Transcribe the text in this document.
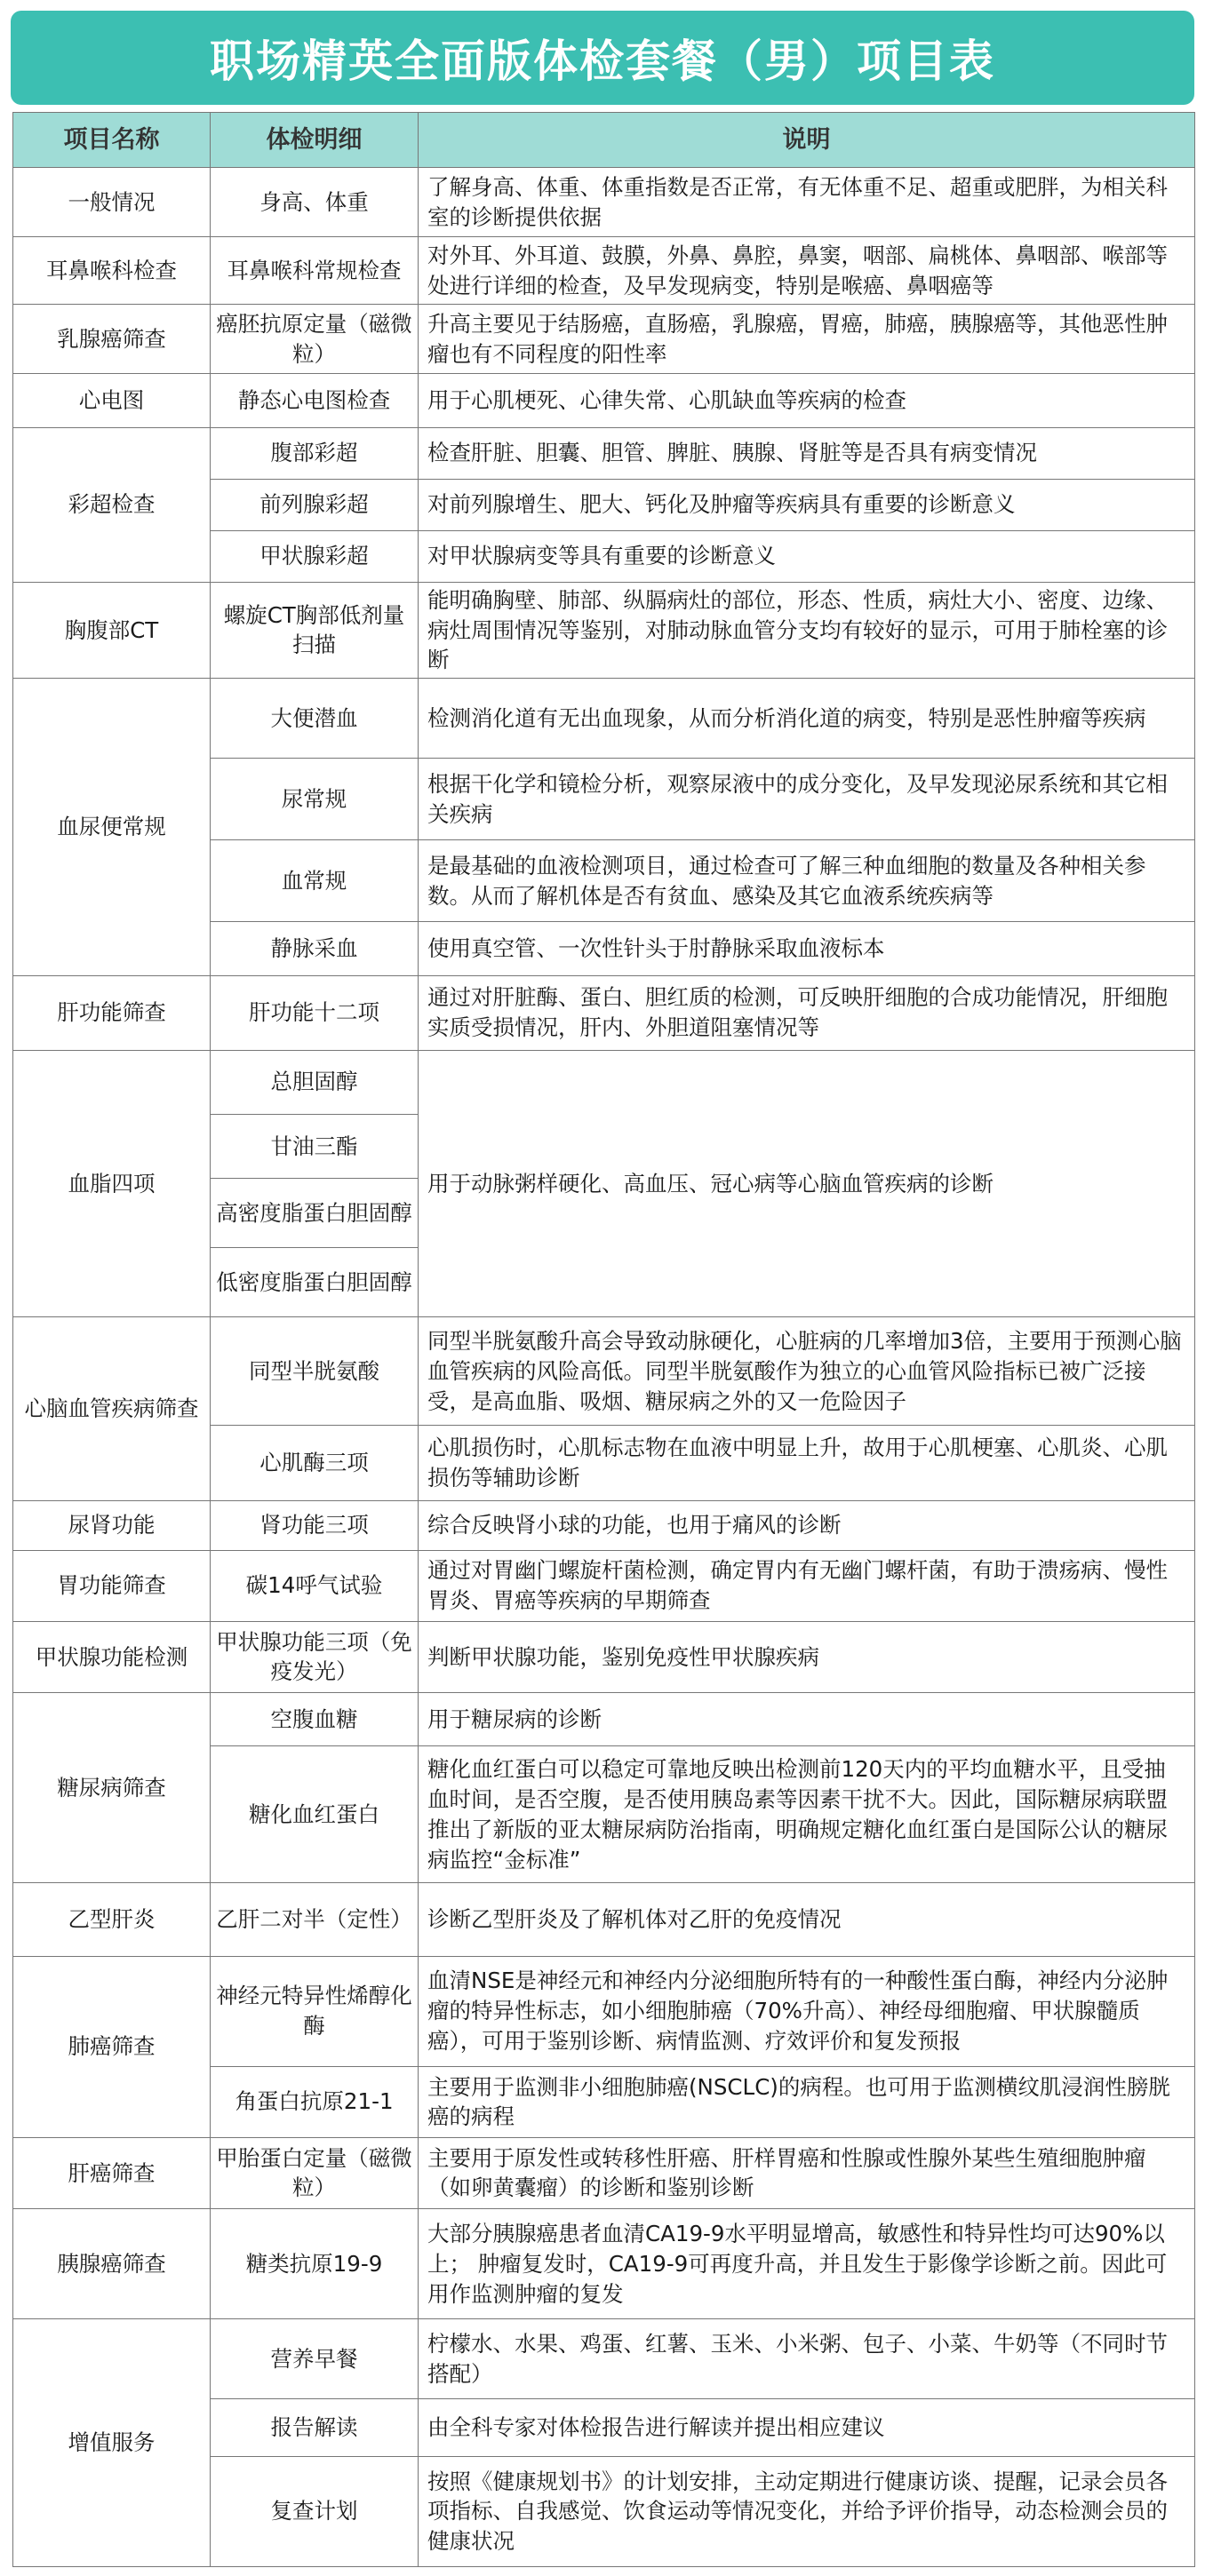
职场精英全面版体检套餐（男）项目表
项目名称	体检明细	说明
一般情况	身高、体重	了解身高、体重、体重指数是否正常，有无体重不足、超重或肥胖，为相关科室的诊断提供依据
耳鼻喉科检查	耳鼻喉科常规检查	对外耳、外耳道、鼓膜，外鼻、鼻腔，鼻窦，咽部、扁桃体、鼻咽部、喉部等处进行详细的检查，及早发现病变，特别是喉癌、鼻咽癌等
乳腺癌筛查	癌胚抗原定量（磁微粒）	升高主要见于结肠癌，直肠癌，乳腺癌，胃癌，肺癌，胰腺癌等，其他恶性肿瘤也有不同程度的阳性率
心电图	静态心电图检查	用于心肌梗死、心律失常、心肌缺血等疾病的检查
彩超检查	腹部彩超	检查肝脏、胆囊、胆管、脾脏、胰腺、肾脏等是否具有病变情况
	前列腺彩超	对前列腺增生、肥大、钙化及肿瘤等疾病具有重要的诊断意义
	甲状腺彩超	对甲状腺病变等具有重要的诊断意义
胸腹部CT	螺旋CT胸部低剂量扫描	能明确胸壁、肺部、纵膈病灶的部位，形态、性质，病灶大小、密度、边缘、病灶周围情况等鉴别，对肺动脉血管分支均有较好的显示，可用于肺栓塞的诊断
血尿便常规	大便潜血	检测消化道有无出血现象，从而分析消化道的病变，特别是恶性肿瘤等疾病
	尿常规	根据干化学和镜检分析，观察尿液中的成分变化，及早发现泌尿系统和其它相关疾病
	血常规	是最基础的血液检测项目，通过检查可了解三种血细胞的数量及各种相关参数。从而了解机体是否有贫血、感染及其它血液系统疾病等
	静脉采血	使用真空管、一次性针头于肘静脉采取血液标本
肝功能筛查	肝功能十二项	通过对肝脏酶、蛋白、胆红质的检测，可反映肝细胞的合成功能情况，肝细胞实质受损情况，肝内、外胆道阻塞情况等
血脂四项	总胆固醇	用于动脉粥样硬化、高血压、冠心病等心脑血管疾病的诊断
	甘油三酯	
	高密度脂蛋白胆固醇	
	低密度脂蛋白胆固醇	
心脑血管疾病筛查	同型半胱氨酸	同型半胱氨酸升高会导致动脉硬化，心脏病的几率增加3倍，主要用于预测心脑血管疾病的风险高低。同型半胱氨酸作为独立的心血管风险指标已被广泛接受，是高血脂、吸烟、糖尿病之外的又一危险因子
	心肌酶三项	心肌损伤时，心肌标志物在血液中明显上升，故用于心肌梗塞、心肌炎、心肌损伤等辅助诊断
尿肾功能	肾功能三项	综合反映肾小球的功能，也用于痛风的诊断
胃功能筛查	碳14呼气试验	通过对胃幽门螺旋杆菌检测，确定胃内有无幽门螺杆菌，有助于溃疡病、慢性胃炎、胃癌等疾病的早期筛查
甲状腺功能检测	甲状腺功能三项（免疫发光）	判断甲状腺功能，鉴别免疫性甲状腺疾病
糖尿病筛查	空腹血糖	用于糖尿病的诊断
	糖化血红蛋白	糖化血红蛋白可以稳定可靠地反映出检测前120天内的平均血糖水平，且受抽血时间，是否空腹，是否使用胰岛素等因素干扰不大。因此，国际糖尿病联盟推出了新版的亚太糖尿病防治指南，明确规定糖化血红蛋白是国际公认的糖尿病监控“金标准”
乙型肝炎	乙肝二对半（定性）	诊断乙型肝炎及了解机体对乙肝的免疫情况
肺癌筛查	神经元特异性烯醇化酶	血清NSE是神经元和神经内分泌细胞所特有的一种酸性蛋白酶，神经内分泌肿瘤的特异性标志，如小细胞肺癌（70%升高）、神经母细胞瘤、甲状腺髓质癌），可用于鉴别诊断、病情监测、疗效评价和复发预报
	角蛋白抗原21-1	主要用于监测非小细胞肺癌(NSCLC)的病程。也可用于监测横纹肌浸润性膀胱癌的病程
肝癌筛查	甲胎蛋白定量（磁微粒）	主要用于原发性或转移性肝癌、肝样胃癌和性腺或性腺外某些生殖细胞肿瘤（如卵黄囊瘤）的诊断和鉴别诊断
胰腺癌筛查	糖类抗原19-9	大部分胰腺癌患者血清CA19-9水平明显增高，敏感性和特异性均可达90%以上； 肿瘤复发时，CA19-9可再度升高，并且发生于影像学诊断之前。因此可用作监测肿瘤的复发
增值服务	营养早餐	柠檬水、水果、鸡蛋、红薯、玉米、小米粥、包子、小菜、牛奶等（不同时节搭配）
	报告解读	由全科专家对体检报告进行解读并提出相应建议
	复查计划	按照《健康规划书》的计划安排，主动定期进行健康访谈、提醒，记录会员各项指标、自我感觉、饮食运动等情况变化，并给予评价指导，动态检测会员的健康状况
